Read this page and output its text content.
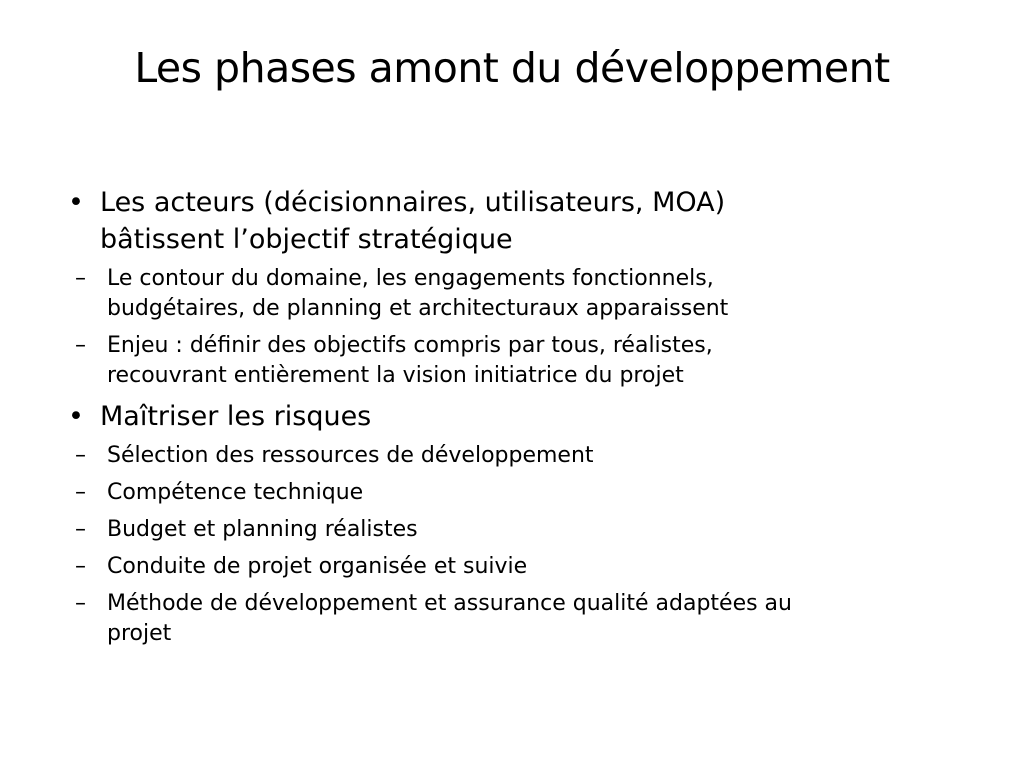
Les phases amont du développement
• Les acteurs (décisionnaires, utilisateurs, MOA)
bâtissent l’objectif stratégique
– Le contour du domaine, les engagements fonctionnels,
budgétaires, de planning et architecturaux apparaissent
– Enjeu : définir des objectifs compris par tous, réalistes,
recouvrant entièrement la vision initiatrice du projet
• Maîtriser les risques
– Sélection des ressources de développement
– Compétence technique
– Budget et planning réalistes
– Conduite de projet organisée et suivie
– Méthode de développement et assurance qualité adaptées au
projet
